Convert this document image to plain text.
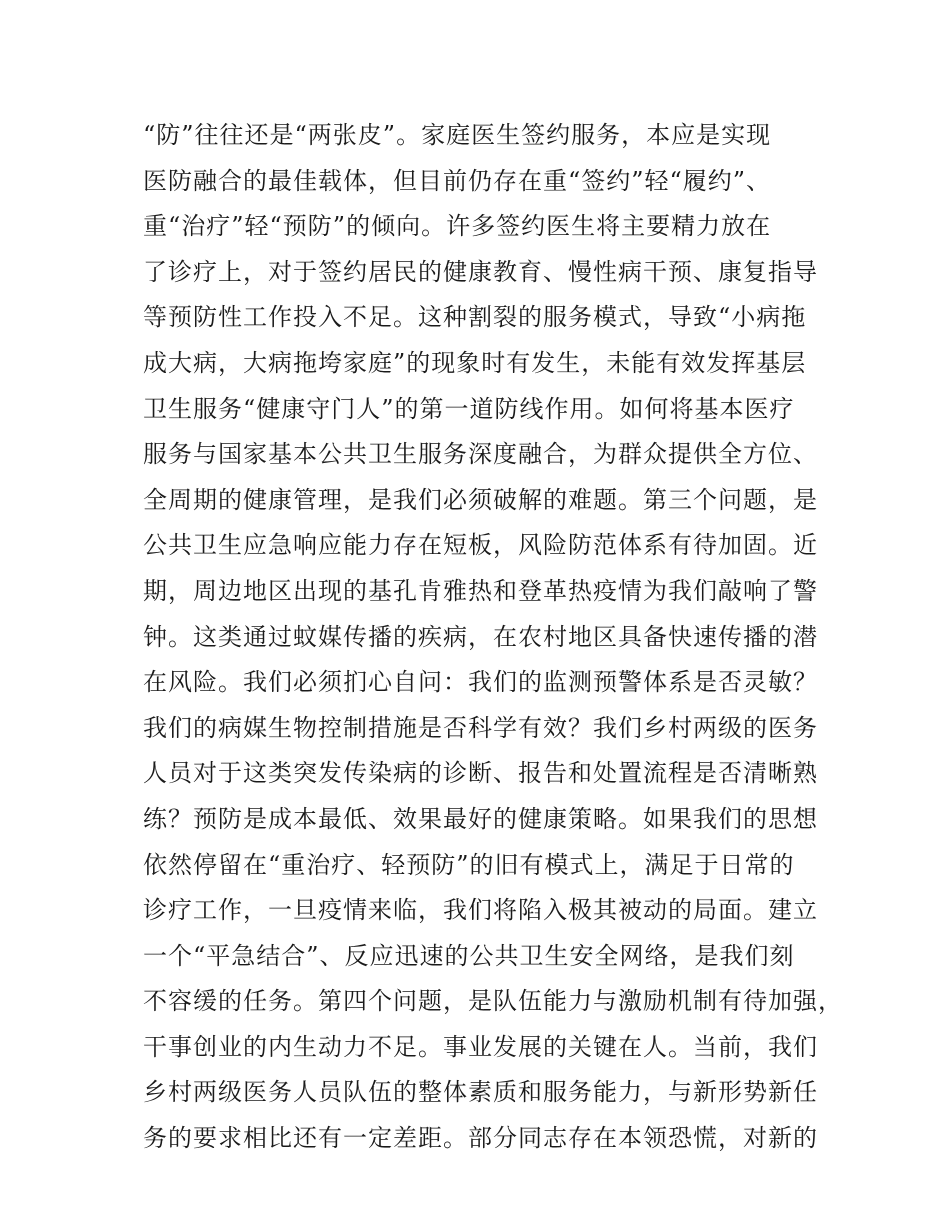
“防”往往还是“两张皮”。家庭医生签约服务，本应是实现
医防融合的最佳载体，但目前仍存在重“签约”轻“履约”、
重“治疗”轻“预防”的倾向。许多签约医生将主要精力放在
了诊疗上，对于签约居民的健康教育、慢性病干预、康复指导
等预防性工作投入不足。这种割裂的服务模式，导致“小病拖
成大病，大病拖垮家庭”的现象时有发生，未能有效发挥基层
卫生服务“健康守门人”的第一道防线作用。如何将基本医疗
服务与国家基本公共卫生服务深度融合，为群众提供全方位、
全周期的健康管理，是我们必须破解的难题。第三个问题，是
公共卫生应急响应能力存在短板，风险防范体系有待加固。近
期，周边地区出现的基孔肯雅热和登革热疫情为我们敲响了警
钟。这类通过蚊媒传播的疾病，在农村地区具备快速传播的潜
在风险。我们必须扪心自问：我们的监测预警体系是否灵敏？
我们的病媒生物控制措施是否科学有效？我们乡村两级的医务
人员对于这类突发传染病的诊断、报告和处置流程是否清晰熟
练？预防是成本最低、效果最好的健康策略。如果我们的思想
依然停留在“重治疗、轻预防”的旧有模式上，满足于日常的
诊疗工作，一旦疫情来临，我们将陷入极其被动的局面。建立
一个“平急结合”、反应迅速的公共卫生安全网络，是我们刻
不容缓的任务。第四个问题，是队伍能力与激励机制有待加强，
干事创业的内生动力不足。事业发展的关键在人。当前，我们
乡村两级医务人员队伍的整体素质和服务能力，与新形势新任
务的要求相比还有一定差距。部分同志存在本领恐慌，对新的
